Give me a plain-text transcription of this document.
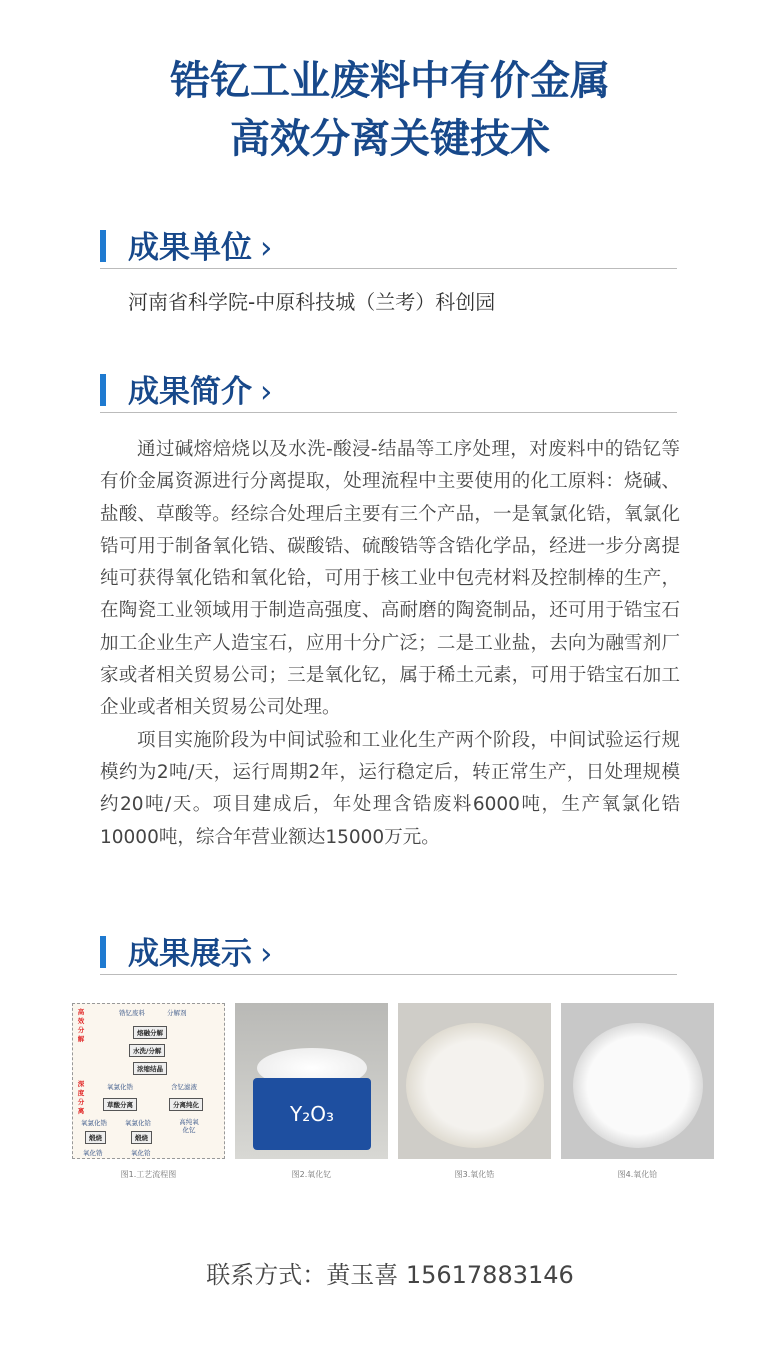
锆钇工业废料中有价金属
高效分离关键技术
成果单位 ›
河南省科学院-中原科技城（兰考）科创园
成果简介 ›

通过碱熔焙烧以及水洗-酸浸-结晶等工序处理，对废料中的锆钇等有价金属资源进行分离提取，处理流程中主要使用的化工原料：烧碱、盐酸、草酸等。经综合处理后主要有三个产品，一是氧氯化锆，氧氯化锆可用于制备氧化锆、碳酸锆、硫酸锆等含锆化学品，经进一步分离提纯可获得氧化锆和氧化铪，可用于核工业中包壳材料及控制棒的生产，在陶瓷工业领域用于制造高强度、高耐磨的陶瓷制品，还可用于锆宝石加工企业生产人造宝石，应用十分广泛；二是工业盐，去向为融雪剂厂家或者相关贸易公司；三是氧化钇，属于稀土元素，可用于锆宝石加工企业或者相关贸易公司处理。

项目实施阶段为中间试验和工业化生产两个阶段，中间试验运行规模约为2吨/天，运行周期2年，运行稳定后，转正常生产，日处理规模约20吨/天。项目建成后，年处理含锆废料6000吨，生产氧氯化锆10000吨，综合年营业额达15000万元。

成果展示 ›
高效分解
深度分离
锆钇废料	分解剂
熔融分解
水洗/分解
浓缩结晶
氧氯化锆	含钇滤液
草酸分离	分离纯化
氧氯化锆	氧氯化铪	高纯氧化钇
煅烧	煅烧
氧化锆	氧化铪
图1.工艺流程图
Y₂O₃
图2.氧化钇	图3.氧化锆	图4.氧化铪
联系方式：黄玉喜 15617883146
